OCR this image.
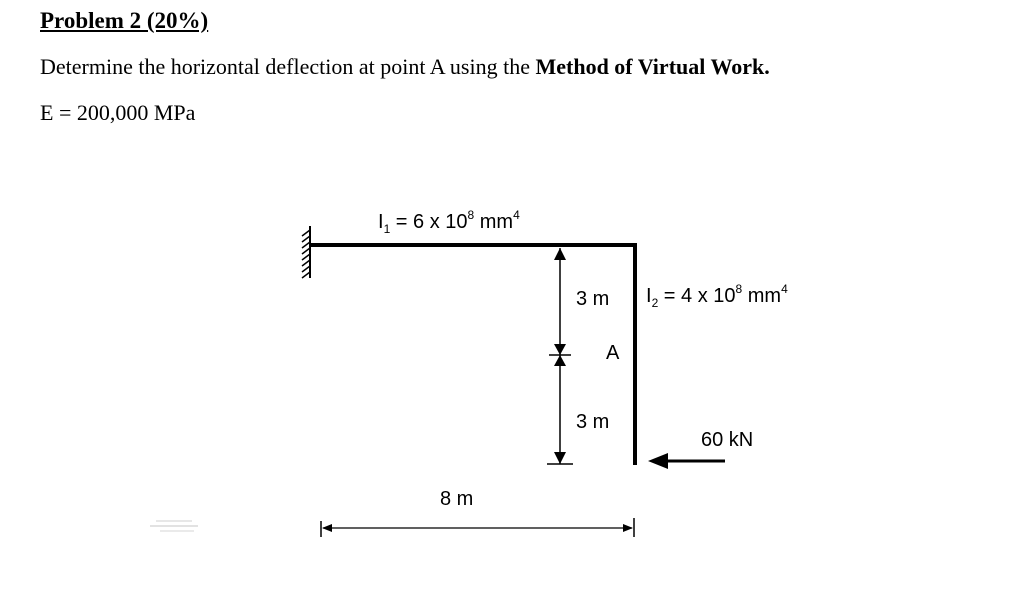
Problem 2 (20%)
Determine the horizontal deflection at point A using the Method of Virtual Work.
E = 200,000 MPa
$I_1 = 6$ x $10^8$ $mm^4$
$I_2 = 4$ x $10^8$ $mm^4$
3 m
3 m
A
60 kN
8 m
